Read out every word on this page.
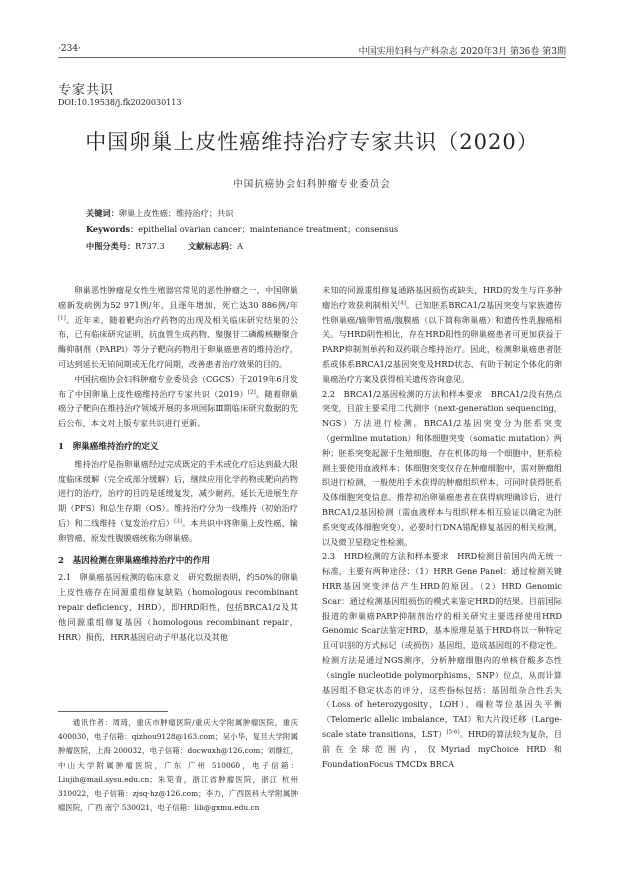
·234·	中国实用妇科与产科杂志 2020年3月 第36卷 第3期
专家共识
DOI:10.19538/j.fk2020030113
中国卵巢上皮性癌维持治疗专家共识（2020）
中国抗癌协会妇科肿瘤专业委员会
关键词：卵巢上皮性癌；维持治疗；共识
Keywords：epithelial ovarian cancer；maintenance treatment；consensus
中图分类号：R737.3	文献标志码：A

卵巢恶性肿瘤是女性生殖器官常见的恶性肿瘤之一，中国卵巢癌新发病例为52 971例/年，且逐年增加，死亡达30 886例/年[1]。近年来，随着靶向治疗药物的出现及相关临床研究结果的公布，已有临床研究证明，抗血管生成药物、聚腺苷二磷酸核糖聚合酶抑制剂（PARPi）等分子靶向药物用于卵巢癌患者的维持治疗，可达到延长无铂间期或无化疗间期，改善患者治疗效果的目的。

中国抗癌协会妇科肿瘤专业委员会（CGCS）于2019年6月发布了中国卵巢上皮性癌维持治疗专家共识（2019）[2]。随着卵巢癌分子靶向在维持治疗领域开展的多项国际Ⅲ期临床研究数据的先后公布，本文对上版专家共识进行更新。

1　卵巢癌维持治疗的定义

维持治疗是指卵巢癌经过完成既定的手术或化疗后达到最大限度临床缓解（完全或部分缓解）后，继续应用化学药物或靶向药物进行的治疗，治疗的目的是延缓复发，减少耐药，延长无进展生存期（PFS）和总生存期（OS）。维持治疗分为一线维持（初始治疗后）和二线维持（复发治疗后）[3]。本共识中将卵巢上皮性癌、输卵管癌、原发性腹膜癌统称为卵巢癌。

2　基因检测在卵巢癌维持治疗中的作用

2.1　卵巢癌基因检测的临床意义　研究数据表明，约50%的卵巢上皮性癌存在同源重组修复缺陷（homologous recombinant repair deficiency，HRD），即HRD阳性，包括BRCA1/2及其他同源重组修复基因（homologous recombinant repair，HRR）损伤，HRR基因启动子甲基化以及其他

通讯作者：周琦，重庆市肿瘤医院/重庆大学附属肿瘤医院，重庆 400030，电子信箱：qizhou9128@163.com；吴小华，复旦大学附属肿瘤医院，上海 200032，电子信箱：docwuxh@126.com；刘继红，中山大学附属肿瘤医院，广东 广州 510060，电子信箱：Liujih@mail.sysu.edu.cn；朱笕青，浙江省肿瘤医院，浙江 杭州 310022，电子信箱：zjsq-hz@126.com；李力，广西医科大学附属肿瘤医院，广西 南宁 530021，电子信箱：lili@gxmu.edu.cn

未知的同源重组修复通路基因损伤或缺失，HRD的发生与许多肿瘤治疗效获利制相关[4]。已知胚系BRCA1/2基因突变与家族遗传性卵巢癌/输卵管癌/腹膜癌（以下简称卵巢癌）和遗传性乳腺癌相关。与HRD阴性相比，存在HRD阳性的卵巢癌患者可更加获益于PARP抑制剂单药和双药联合维持治疗。因此，检测卵巢癌患者胚系或体系BRCA1/2基因突变及HRD状态，有助于制定个体化的卵巢癌治疗方案及获得相关遗传咨询意见。

2.2　BRCA1/2基因检测的方法和样本要求　BRCA1/2没有热点突变，目前主要采用二代测序（next-generation sequencing，NGS）方法进行检测。BRCA1/2基因突变分为胚系突变（germline mutation）和体细胞突变（somatic mutation）两种；胚系突变起源于生殖细胞，存在机体的每一个细胞中，胚系检测主要使用血液样本；体细胞突变仅存在肿瘤细胞中，需对肿瘤组织进行检测，一般使用手术获得的肿瘤组织样本，可同时获得胚系及体细胞突变信息。推荐初治卵巢癌患者在获得病理确诊后，进行BRCA1/2基因检测（需血液样本与组织样本相互验证以确定为胚系突变或体细胞突变），必要时行DNA错配修复基因的相关检测，以及微卫星稳定性检测。

2.3　HRD检测的方法和样本要求　HRD检测目前国内尚无统一标准，主要有两种途径：（1）HRR Gene Panel：通过检测关键HRR基因突变评估产生HRD的原因。（2）HRD Genomic Scar：通过检测基因组损伤的模式来鉴定HRD的结果。目前国际报道的卵巢癌PARP抑制剂治疗的相关研究主要选择使用HRD Genomic Scar法鉴定HRD，基本原理是基于HRD将以一种特定且可识别的方式标记（或损伤）基因组，造成基因组的不稳定性。检测方法是通过NGS测序，分析肿瘤细胞内的单核苷酸多态性（single nucleotide polymorphisms，SNP）位点，从而计算基因组不稳定状态的评分，这些指标包括：基因组杂合性丢失（Loss of heterozygosity，LOH）、端粒等位基因失平衡（Telomeric allelic imbalance，TAI）和大片段迁移（Large-scale state transitions，LST）[5-6]。HRD的算法较为复杂，目前在全球范围内，仅Myriad myChoice HRD 和FoundationFocus TMCDx BRCA
